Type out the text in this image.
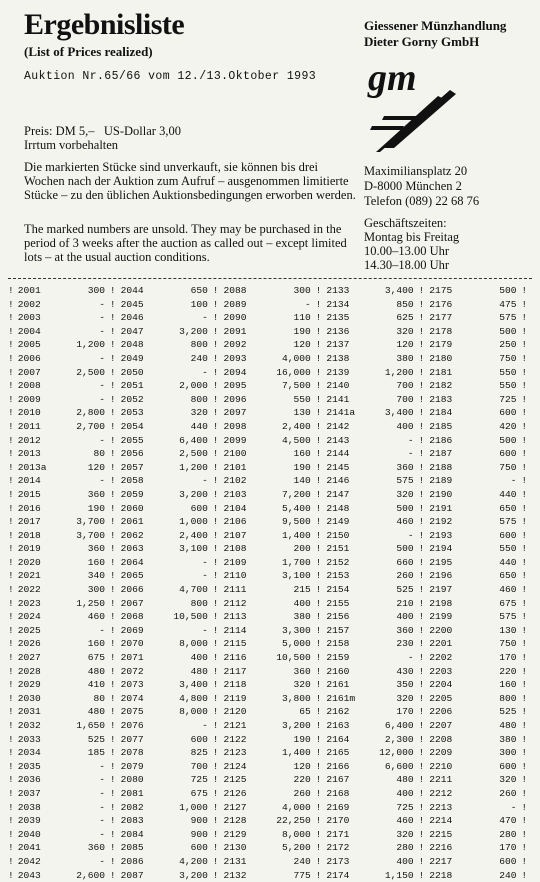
Ergebnisliste
(List of Prices realized)
Auktion Nr.65/66 vom 12./13.Oktober 1993
Giessener Münzhandlung
Dieter Gorny GmbH
gm
Maximiliansplatz 20
D-8000 München 2
Telefon (089) 22 68 76
Geschäftszeiten:
Montag bis Freitag
10.00–13.00 Uhr
14.30–18.00 Uhr
Preis: DM 5,–   US-Dollar 3,00
Irrtum vorbehalten
Die markierten Stücke sind unverkauft, sie können bis drei Wochen nach der Auktion zum Aufruf – ausgenommen limitierte Stücke – zu den üblichen Auktionsbedingungen erworben werden.
The marked numbers are unsold. They may be purchased in the period of 3 weeks after the auction as called out – except limited lots – at the usual auction conditions.
! 2001	300 ! 2044	650 ! 2088	300 ! 2133	3,400 ! 2175	500 !
! 2002	- ! 2045	100 ! 2089	- ! 2134	850 ! 2176	475 !
! 2003	- ! 2046	- ! 2090	110 ! 2135	625 ! 2177	575 !
! 2004	- ! 2047	3,200 ! 2091	190 ! 2136	320 ! 2178	500 !
! 2005	1,200 ! 2048	800 ! 2092	120 ! 2137	120 ! 2179	250 !
! 2006	- ! 2049	240 ! 2093	4,000 ! 2138	380 ! 2180	750 !
! 2007	2,500 ! 2050	- ! 2094	16,000 ! 2139	1,200 ! 2181	550 !
! 2008	- ! 2051	2,000 ! 2095	7,500 ! 2140	700 ! 2182	550 !
! 2009	- ! 2052	800 ! 2096	550 ! 2141	700 ! 2183	725 !
! 2010	2,800 ! 2053	320 ! 2097	130 ! 2141a	3,400 ! 2184	600 !
! 2011	2,700 ! 2054	440 ! 2098	2,400 ! 2142	400 ! 2185	420 !
! 2012	- ! 2055	6,400 ! 2099	4,500 ! 2143	- ! 2186	500 !
! 2013	80 ! 2056	2,500 ! 2100	160 ! 2144	- ! 2187	600 !
! 2013a	120 ! 2057	1,200 ! 2101	190 ! 2145	360 ! 2188	750 !
! 2014	- ! 2058	- ! 2102	140 ! 2146	575 ! 2189	- !
! 2015	360 ! 2059	3,200 ! 2103	7,200 ! 2147	320 ! 2190	440 !
! 2016	190 ! 2060	600 ! 2104	5,400 ! 2148	500 ! 2191	650 !
! 2017	3,700 ! 2061	1,000 ! 2106	9,500 ! 2149	460 ! 2192	575 !
! 2018	3,700 ! 2062	2,400 ! 2107	1,400 ! 2150	- ! 2193	600 !
! 2019	360 ! 2063	3,100 ! 2108	200 ! 2151	500 ! 2194	550 !
! 2020	160 ! 2064	- ! 2109	1,700 ! 2152	660 ! 2195	440 !
! 2021	340 ! 2065	- ! 2110	3,100 ! 2153	260 ! 2196	650 !
! 2022	300 ! 2066	4,700 ! 2111	215 ! 2154	525 ! 2197	460 !
! 2023	1,250 ! 2067	800 ! 2112	400 ! 2155	210 ! 2198	675 !
! 2024	460 ! 2068	10,500 ! 2113	380 ! 2156	400 ! 2199	575 !
! 2025	- ! 2069	- ! 2114	3,300 ! 2157	360 ! 2200	130 !
! 2026	160 ! 2070	8,000 ! 2115	5,000 ! 2158	230 ! 2201	750 !
! 2027	675 ! 2071	400 ! 2116	10,500 ! 2159	- ! 2202	170 !
! 2028	480 ! 2072	480 ! 2117	360 ! 2160	430 ! 2203	220 !
! 2029	410 ! 2073	3,400 ! 2118	320 ! 2161	350 ! 2204	160 !
! 2030	80 ! 2074	4,800 ! 2119	3,800 ! 2161m	320 ! 2205	800 !
! 2031	480 ! 2075	8,000 ! 2120	65 ! 2162	170 ! 2206	525 !
! 2032	1,650 ! 2076	- ! 2121	3,200 ! 2163	6,400 ! 2207	480 !
! 2033	525 ! 2077	600 ! 2122	190 ! 2164	2,300 ! 2208	380 !
! 2034	185 ! 2078	825 ! 2123	1,400 ! 2165	12,000 ! 2209	300 !
! 2035	- ! 2079	700 ! 2124	120 ! 2166	6,600 ! 2210	600 !
! 2036	- ! 2080	725 ! 2125	220 ! 2167	480 ! 2211	320 !
! 2037	- ! 2081	675 ! 2126	260 ! 2168	400 ! 2212	260 !
! 2038	- ! 2082	1,000 ! 2127	4,000 ! 2169	725 ! 2213	- !
! 2039	- ! 2083	900 ! 2128	22,250 ! 2170	460 ! 2214	470 !
! 2040	- ! 2084	900 ! 2129	8,000 ! 2171	320 ! 2215	280 !
! 2041	360 ! 2085	600 ! 2130	5,200 ! 2172	280 ! 2216	170 !
! 2042	- ! 2086	4,200 ! 2131	240 ! 2173	400 ! 2217	600 !
! 2043	2,600 ! 2087	3,200 ! 2132	775 ! 2174	1,150 ! 2218	240 !
